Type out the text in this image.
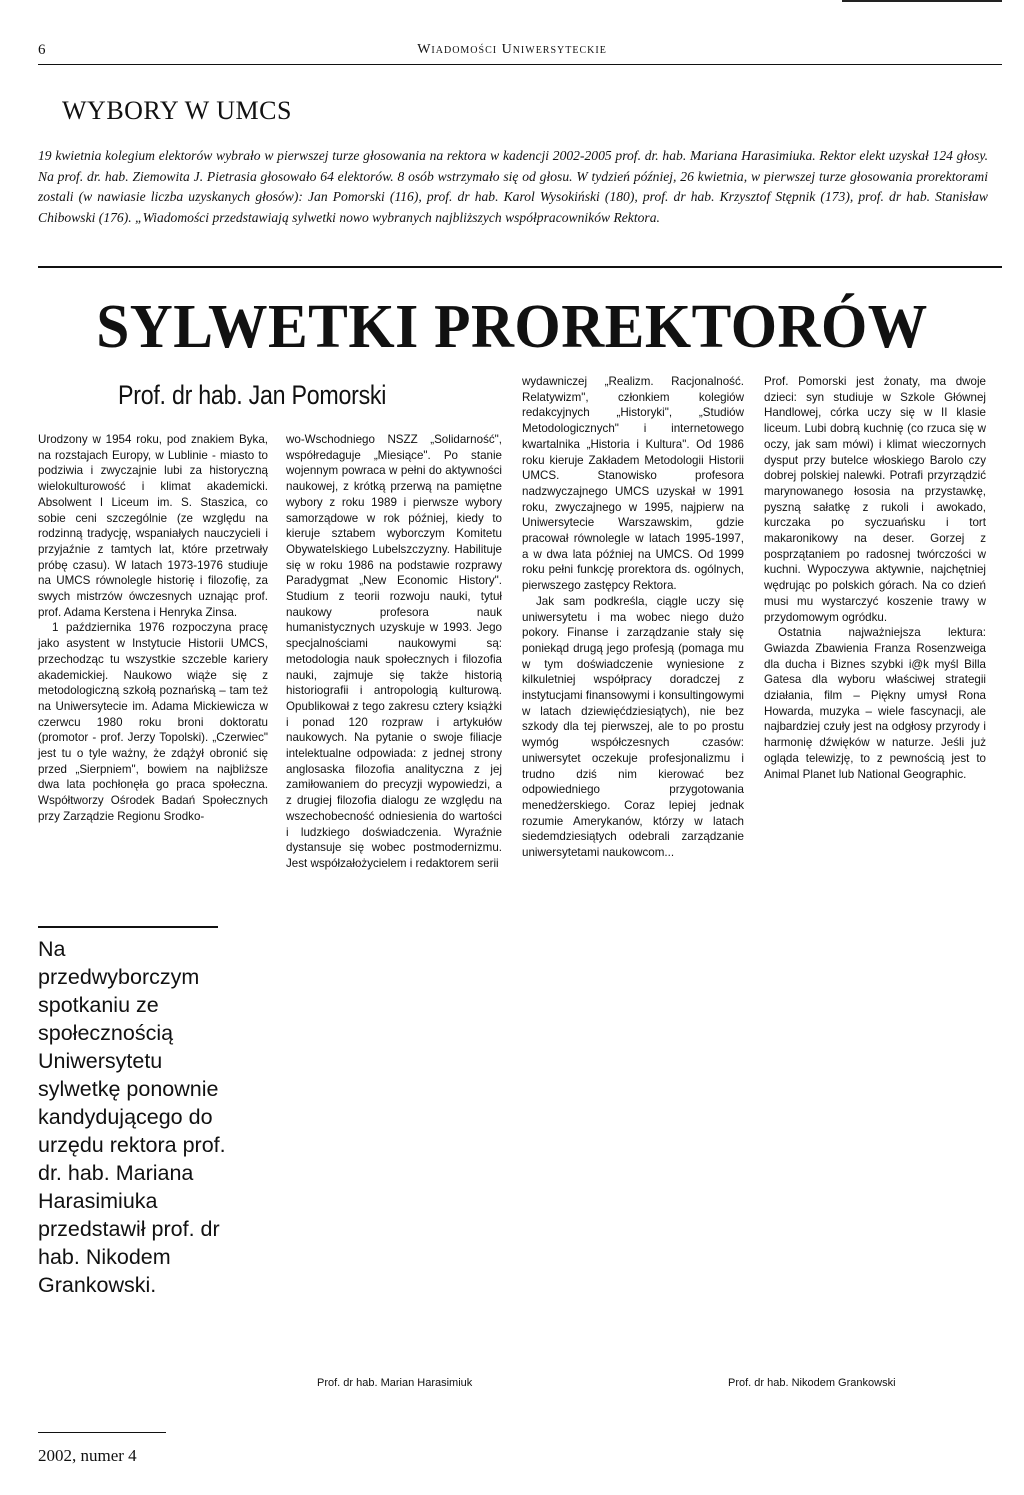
6	Wiadomości Uniwersyteckie
WYBORY W UMCS
19 kwietnia kolegium elektorów wybrało w pierwszej turze głosowania na rektora w kadencji 2002-2005 prof. dr. hab. Mariana Harasimiuka. Rektor elekt uzyskał 124 głosy. Na prof. dr. hab. Ziemowita J. Pietrasia głosowało 64 elektorów. 8 osób wstrzymało się od głosu. W tydzień później, 26 kwietnia, w pierwszej turze głosowania prorektorami zostali (w nawiasie liczba uzyskanych głosów): Jan Pomorski (116), prof. dr hab. Karol Wysokiński (180), prof. dr hab. Krzysztof Stępnik (173), prof. dr hab. Stanisław Chibowski (176). „Wiadomości przedstawiają sylwetki nowo wybranych najbliższych współpracowników Rektora.
SYLWETKI PROREKTORÓW
Prof. dr hab. Jan Pomorski

Urodzony w 1954 roku, pod znakiem Byka, na rozstajach Europy, w Lublinie - miasto to podziwia i zwyczajnie lubi za historyczną wielokulturowość i klimat akademicki. Absolwent I Liceum im. S. Staszica, co sobie ceni szczególnie (ze względu na rodzinną tradycję, wspaniałych nauczycieli i przyjaźnie z tamtych lat, które przetrwały próbę czasu). W latach 1973-1976 studiuje na UMCS równolegle historię i filozofię, za swych mistrzów ówczesnych uznając prof. prof. Adama Kerstena i Henryka Zinsa.

1 października 1976 rozpoczyna pracę jako asystent w Instytucie Historii UMCS, przechodząc tu wszystkie szczeble kariery akademickiej. Naukowo wiąże się z metodologiczną szkołą poznańską – tam też na Uniwersytecie im. Adama Mickiewicza w czerwcu 1980 roku broni doktoratu (promotor - prof. Jerzy Topolski). „Czerwiec" jest tu o tyle ważny, że zdążył obronić się przed „Sierpniem", bowiem na najbliższe dwa lata pochłonęła go praca społeczna. Współtworzy Ośrodek Badań Społecznych przy Zarządzie Regionu Srodko-

wo-Wschodniego NSZZ „Solidarność", współredaguje „Miesiące". Po stanie wojennym powraca w pełni do aktywności naukowej, z krótką przerwą na pamiętne wybory z roku 1989 i pierwsze wybory samorządowe w rok później, kiedy to kieruje sztabem wyborczym Komitetu Obywatelskiego Lubelszczyzny. Habilituje się w roku 1986 na podstawie rozprawy Paradygmat „New Economic History". Studium z teorii rozwoju nauki, tytuł naukowy profesora nauk humanistycznych uzyskuje w 1993. Jego specjalnościami naukowymi są: metodologia nauk społecznych i filozofia nauki, zajmuje się także historią historiografii i antropologią kulturową. Opublikował z tego zakresu cztery książki i ponad 120 rozpraw i artykułów naukowych. Na pytanie o swoje filiacje intelektualne odpowiada: z jednej strony anglosaska filozofia analityczna z jej zamiłowaniem do precyzji wypowiedzi, a z drugiej filozofia dialogu ze względu na wszechobecność odniesienia do wartości i ludzkiego doświadczenia. Wyraźnie dystansuje się wobec postmodernizmu. Jest współzałożycielem i redaktorem serii

wydawniczej „Realizm. Racjonalność. Relatywizm", członkiem kolegiów redakcyjnych „Historyki", „Studiów Metodologicznych" i internetowego kwartalnika „Historia i Kultura". Od 1986 roku kieruje Zakładem Metodologii Historii UMCS. Stanowisko profesora nadzwyczajnego UMCS uzyskał w 1991 roku, zwyczajnego w 1995, najpierw na Uniwersytecie Warszawskim, gdzie pracował równolegle w latach 1995-1997, a w dwa lata później na UMCS. Od 1999 roku pełni funkcję prorektora ds. ogólnych, pierwszego zastępcy Rektora.

Jak sam podkreśla, ciągle uczy się uniwersytetu i ma wobec niego dużo pokory. Finanse i zarządzanie stały się poniekąd drugą jego profesją (pomaga mu w tym doświadczenie wyniesione z kilkuletniej współpracy doradczej z instytucjami finansowymi i konsultingowymi w latach dziewięćdziesiątych), nie bez szkody dla tej pierwszej, ale to po prostu wymóg współczesnych czasów: uniwersytet oczekuje profesjonalizmu i trudno dziś nim kierować bez odpowiedniego przygotowania menedżerskiego. Coraz lepiej jednak rozumie Amerykanów, którzy w latach siedemdziesiątych odebrali zarządzanie uniwersytetami naukowcom...

Prof. Pomorski jest żonaty, ma dwoje dzieci: syn studiuje w Szkole Głównej Handlowej, córka uczy się w II klasie liceum. Lubi dobrą kuchnię (co rzuca się w oczy, jak sam mówi) i klimat wieczornych dysput przy butelce włoskiego Barolo czy dobrej polskiej nalewki. Potrafi przyrządzić marynowanego łososia na przystawkę, pyszną sałatkę z rukoli i awokado, kurczaka po syczuańsku i tort makaronikowy na deser. Gorzej z posprzątaniem po radosnej twórczości w kuchni. Wypoczywa aktywnie, najchętniej wędrując po polskich górach. Na co dzień musi mu wystarczyć koszenie trawy w przydomowym ogródku.

Ostatnia najważniejsza lektura: Gwiazda Zbawienia Franza Rosenzweiga dla ducha i Biznes szybki i@k myśl Billa Gatesa dla wyboru właściwej strategii działania, film – Piękny umysł Rona Howarda, muzyka – wiele fascynacji, ale najbardziej czuły jest na odgłosy przyrody i harmonię dźwięków w naturze. Jeśli już ogląda telewizję, to z pewnością jest to Animal Planet lub National Geographic.

Na przedwyborczym spotkaniu ze społecznością Uniwersytetu sylwetkę ponownie kandydującego do urzędu rektora prof. dr. hab. Mariana Harasimiuka przedstawił prof. dr hab. Nikodem Grankowski.
Prof. dr hab. Marian Harasimiuk	Prof. dr hab. Nikodem Grankowski
2002, numer 4
